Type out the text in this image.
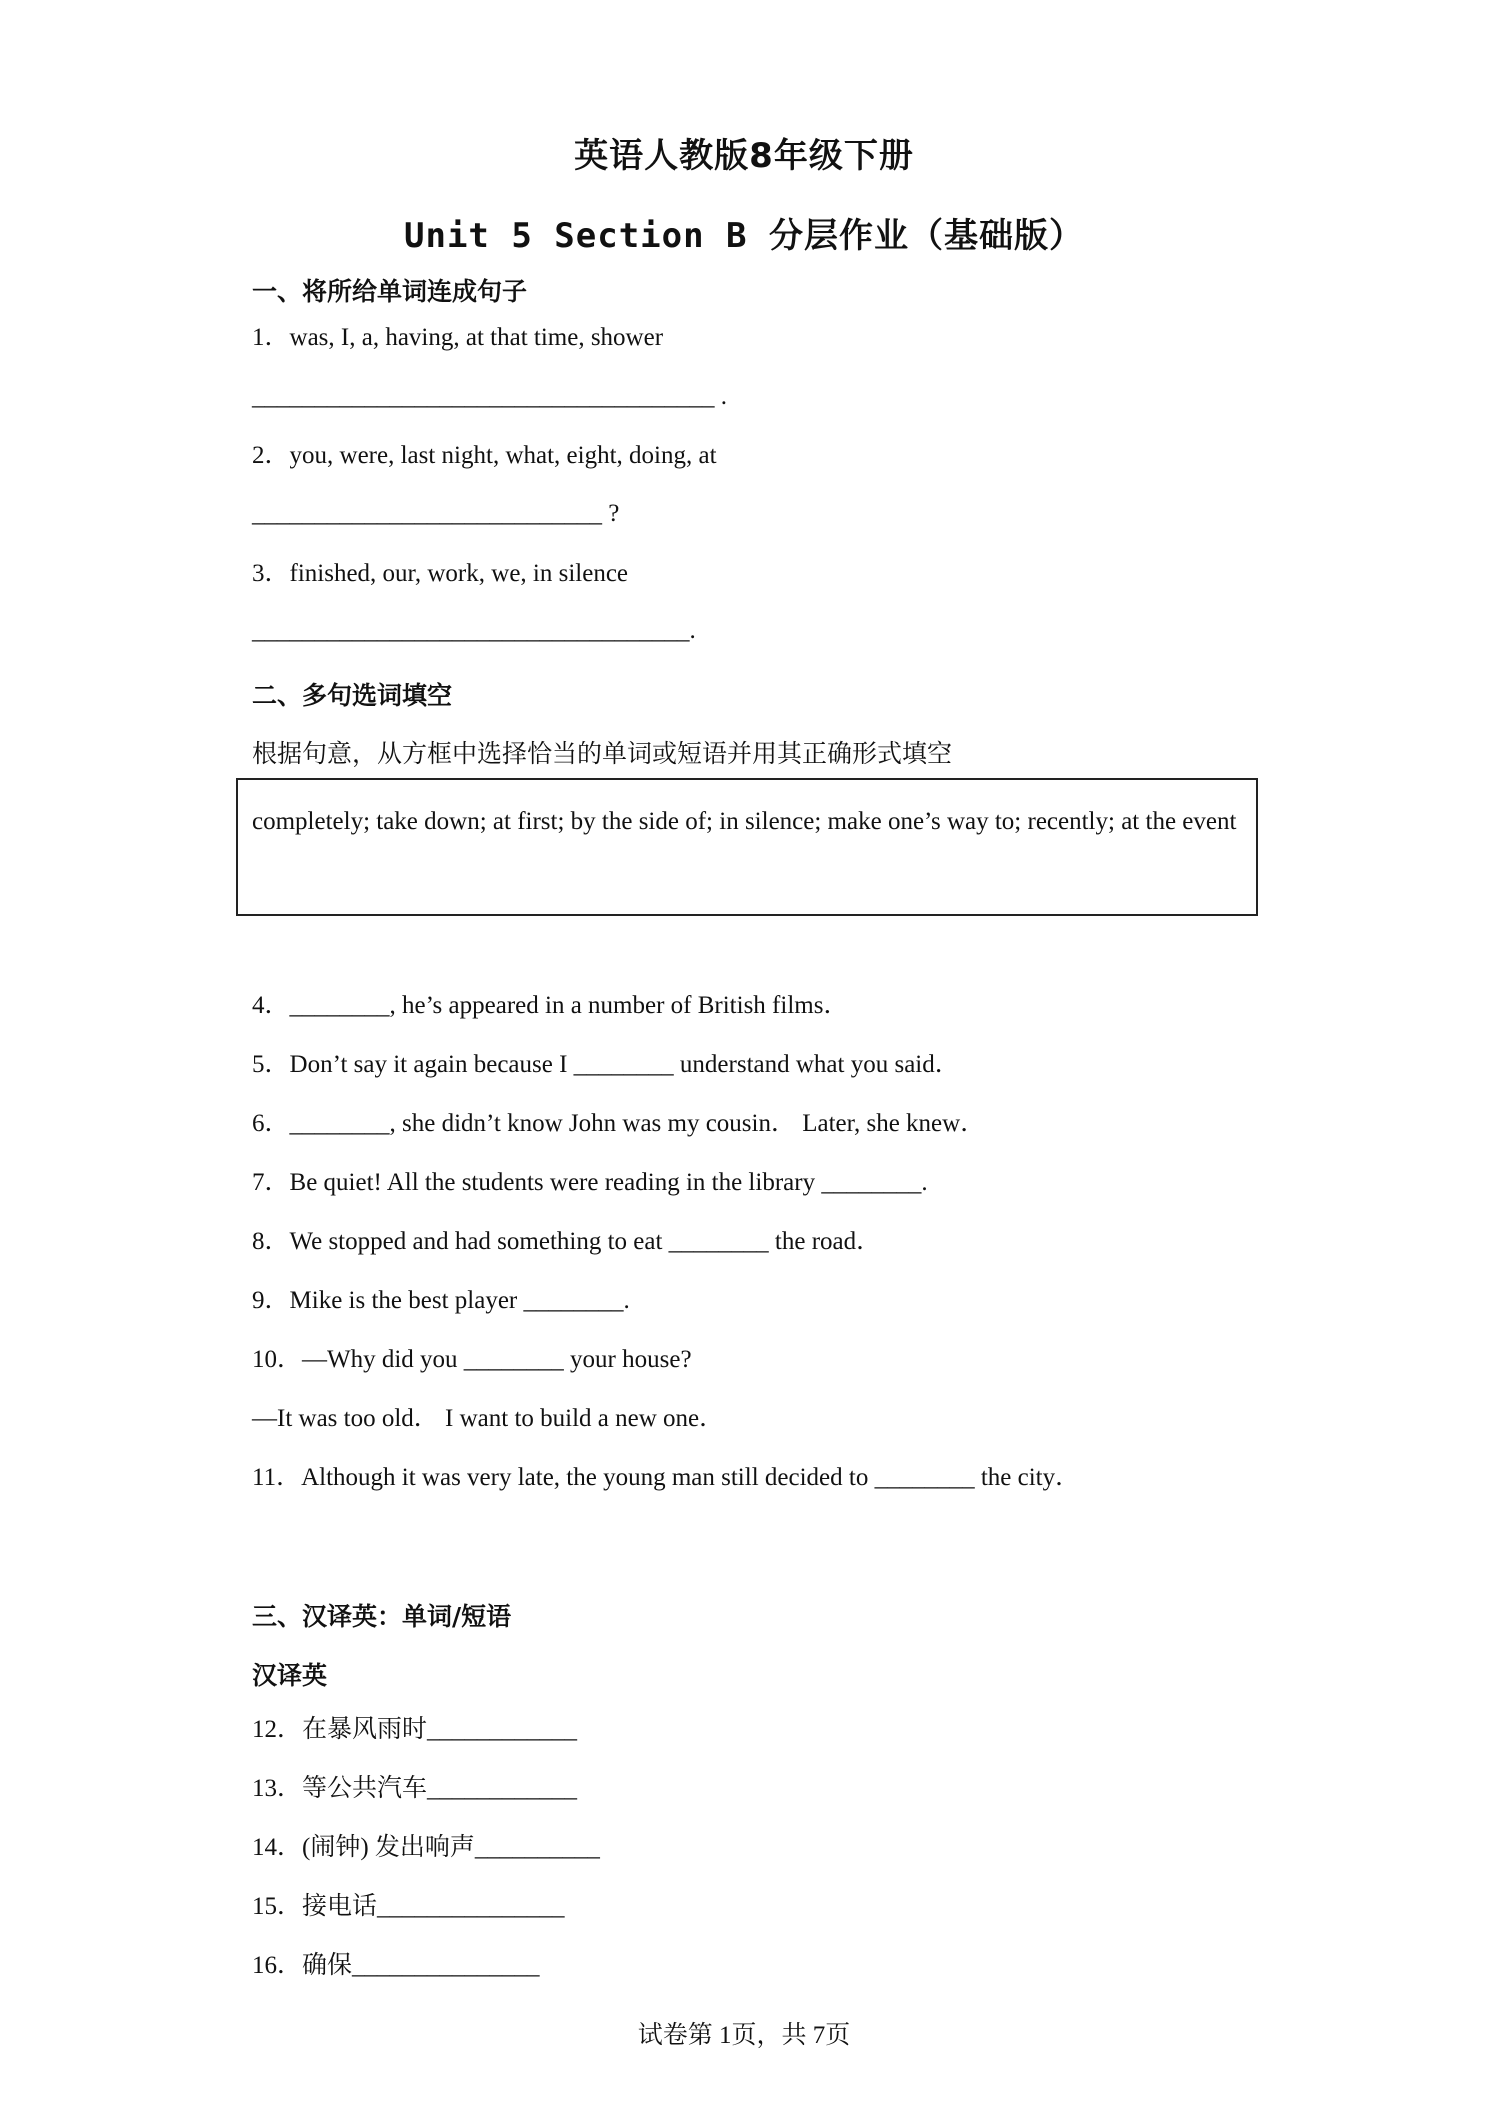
英语人教版8年级下册
Unit 5 Section B 分层作业（基础版）
一、将所给单词连成句子
1．was, I, a, having, at that time, shower
_____________________________________ .
2．you, were, last night, what, eight, doing, at
____________________________ ?
3．finished, our, work, we, in silence
___________________________________.
二、多句选词填空
根据句意，从方框中选择恰当的单词或短语并用其正确形式填空
completely; take down; at first; by the side of; in silence; make one’s way to; recently; at the event
4．________, he’s appeared in a number of British films．
5．Don’t say it again because I ________ understand what you said．
6．________, she didn’t know John was my cousin． Later, she knew．
7．Be quiet! All the students were reading in the library ________.
8．We stopped and had something to eat ________ the road．
9．Mike is the best player ________.
10．—Why did you ________ your house?
—It was too old． I want to build a new one．
11．Although it was very late, the young man still decided to ________ the city．
三、汉译英：单词/短语
汉译英
12．在暴风雨时____________
13．等公共汽车____________
14．(闹钟) 发出响声__________
15．接电话_______________
16．确保_______________
试卷第 1页，共 7页
